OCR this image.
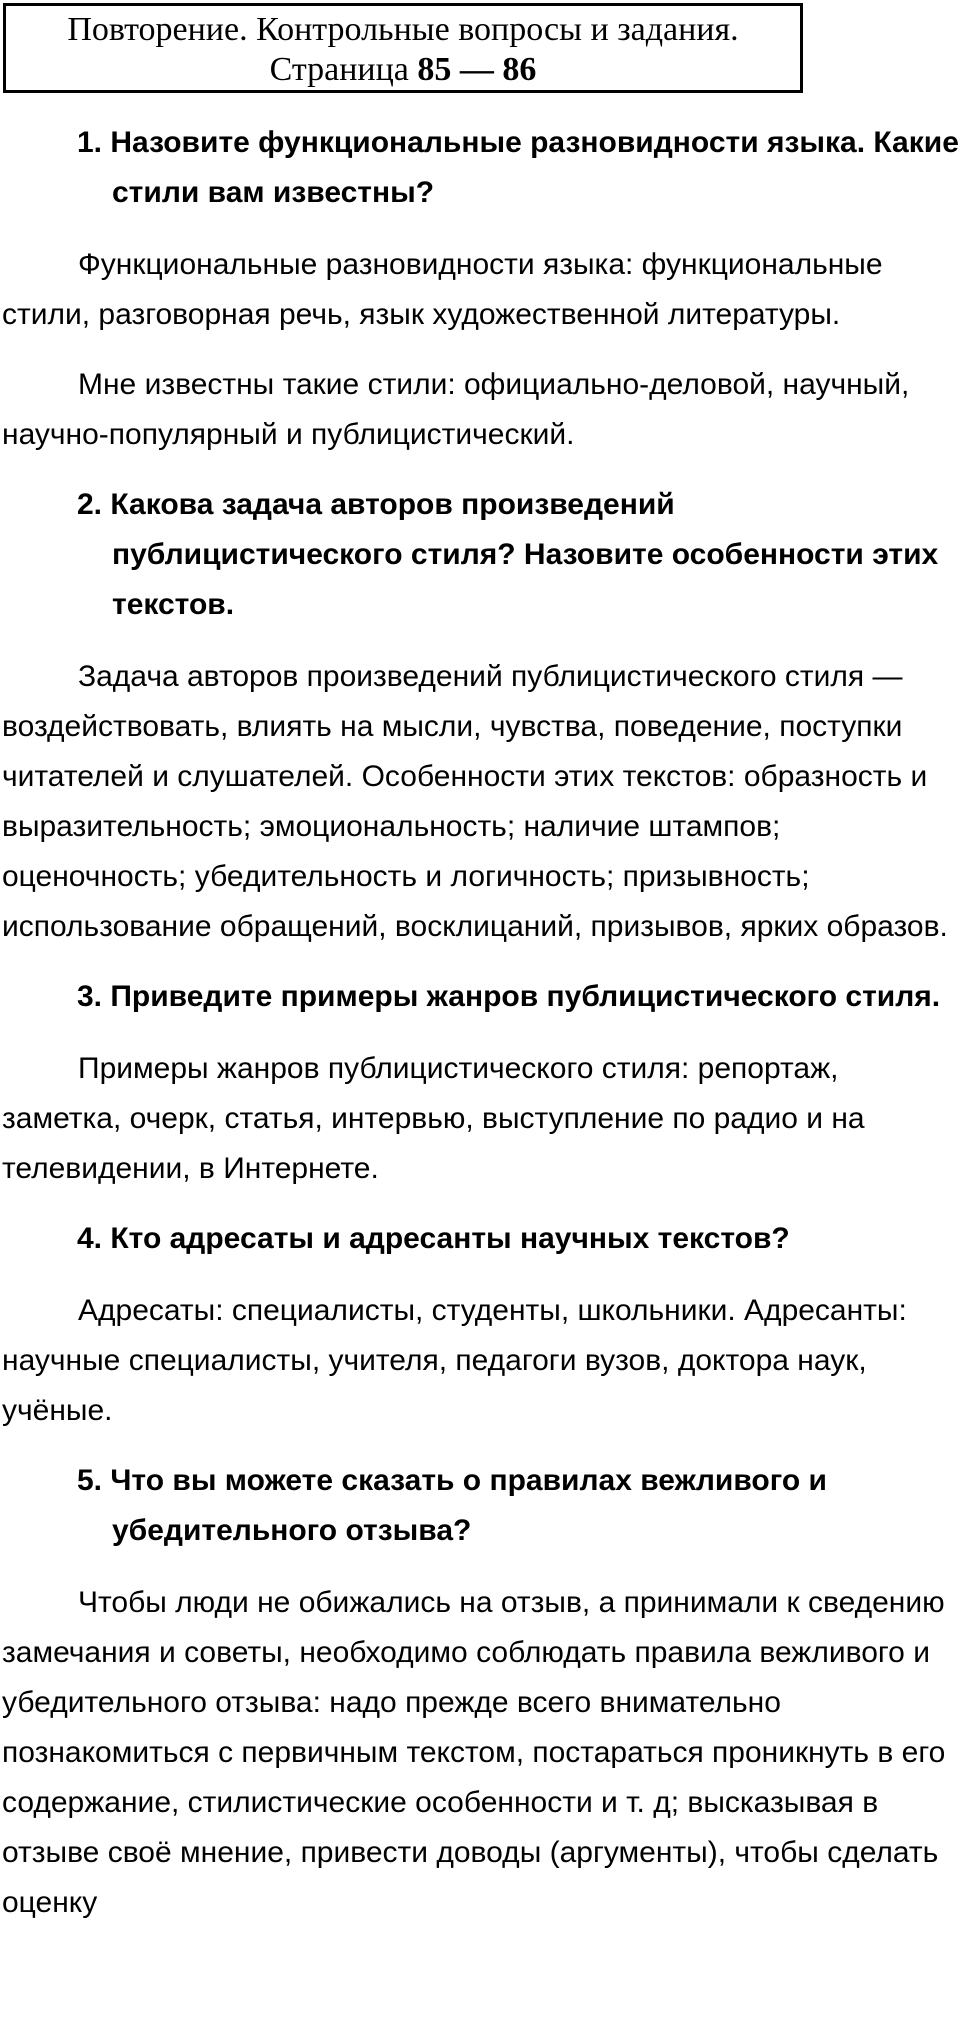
Повторение. Контрольные вопросы и задания.
Страница 85 — 86
1. Назовите функциональные разновидности языка. Какие стили вам известны?

Функциональные разновидности языка: функциональные стили, разговорная речь, язык художественной литературы.

Мне известны такие стили: официально-деловой, научный, научно-популярный и публицистический.

2. Какова задача авторов произведений публицистического стиля? Назовите особенности этих текстов.

Задача авторов произведений публицистического стиля — воздействовать, влиять на мысли, чувства, поведение, поступки читателей и слушателей. Особенности этих текстов: образность и выразительность; эмоциональность; наличие штампов; оценочность; убедительность и логичность; призывность; использование обращений, восклицаний, призывов, ярких образов.

3. Приведите примеры жанров публицистического стиля.

Примеры жанров публицистического стиля: репортаж, заметка, очерк, статья, интервью, выступление по радио и на телевидении, в Интернете.

4. Кто адресаты и адресанты научных текстов?

Адресаты: специалисты, студенты, школьники. Адресанты: научные специалисты, учителя, педагоги вузов, доктора наук, учёные.

5. Что вы можете сказать о правилах вежливого и убедительного отзыва?

Чтобы люди не обижались на отзыв, а принимали к сведению замечания и советы, необходимо соблюдать правила вежливого и убедительного отзыва: надо прежде всего внимательно познакомиться с первичным текстом, постараться проникнуть в его содержание, стилистические особенности и т. д; высказывая в отзыве своё мнение, привести доводы (аргументы), чтобы сделать оценку
